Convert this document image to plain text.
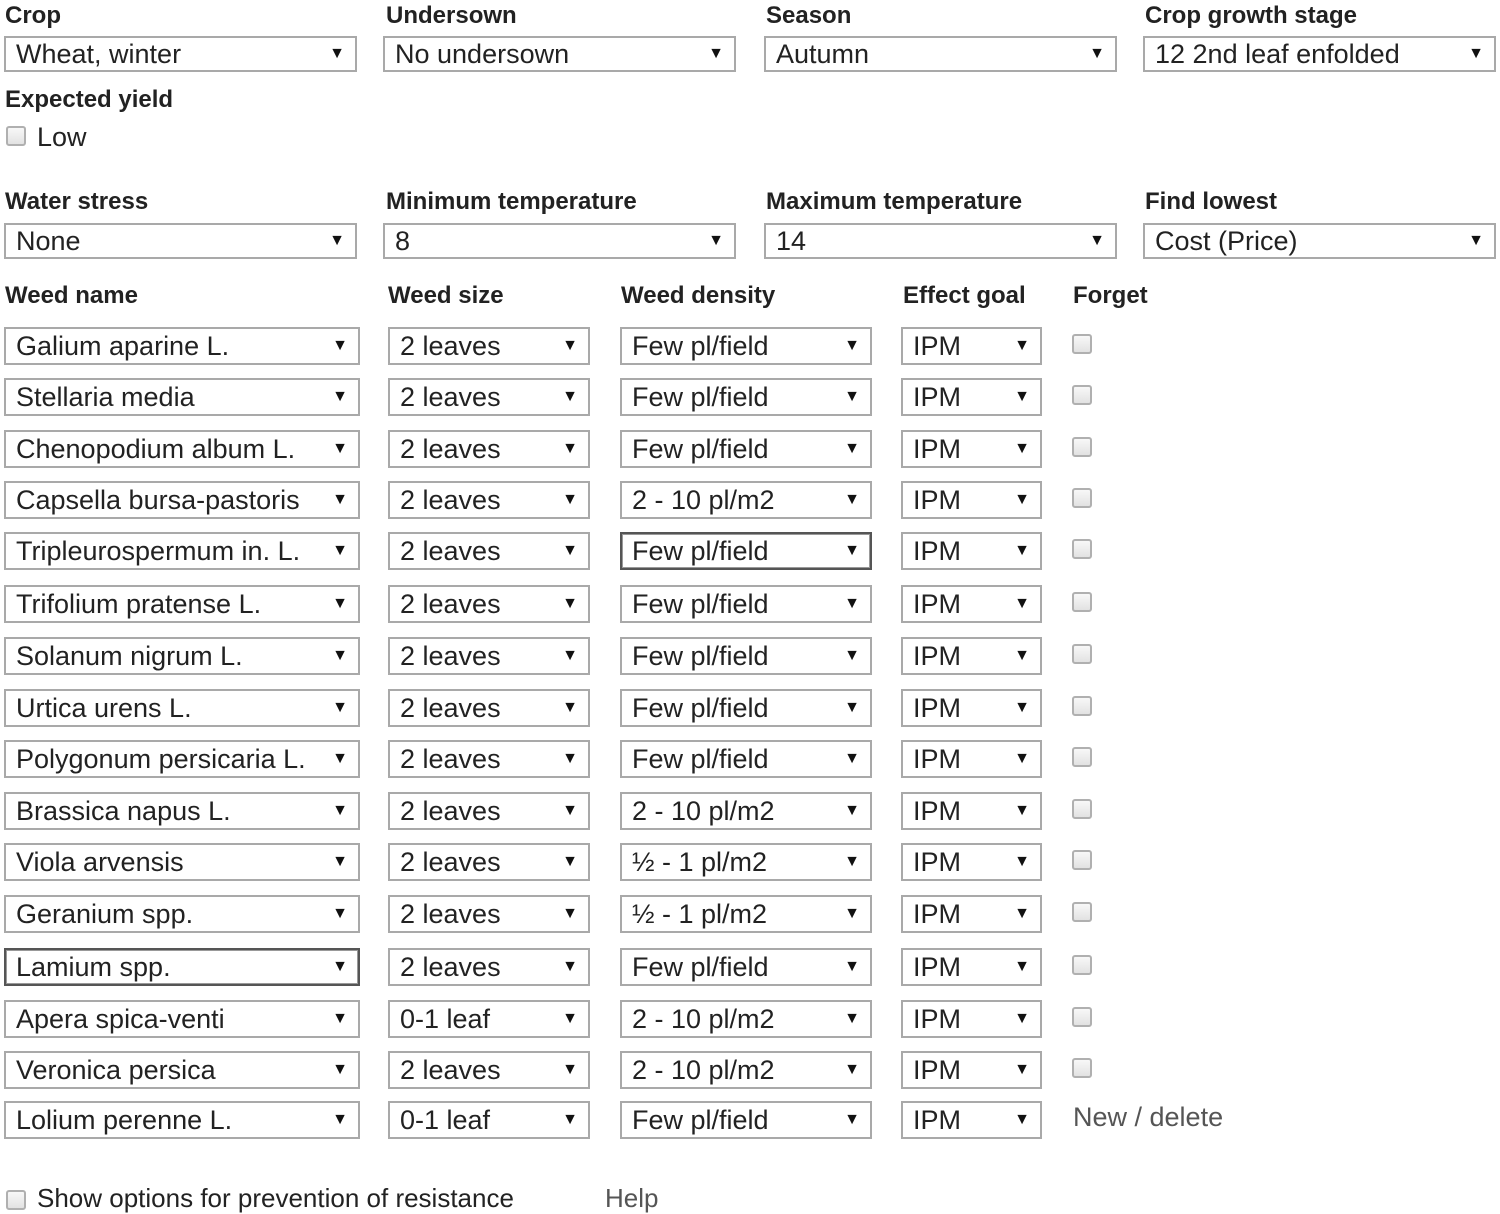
Crop	Undersown	Season	Crop growth stage
Wheat, winter	▼	No undersown	▼	Autumn	▼	12 2nd leaf enfolded	▼
Expected yield
Low
Water stress	Minimum temperature	Maximum temperature	Find lowest
None	▼	8	▼	14	▼	Cost (Price)	▼
Weed name	Weed size	Weed density	Effect goal Forget
Galium aparine L.	▼	2 leaves	▼	Few pl/field	▼	IPM	▼
Stellaria media	▼	2 leaves	▼	Few pl/field	▼	IPM	▼
Chenopodium album L. ▼	2 leaves	▼	Few pl/field	▼	IPM	▼
Capsella bursa-pastoris ▼	2 leaves	▼	2 - 10 pl/m2	▼	IPM	▼
Tripleurospermum in. L. ▼	2 leaves	▼	Few pl/field	▼	IPM	▼
Trifolium pratense L.	▼	2 leaves	▼	Few pl/field	▼	IPM	▼
Solanum nigrum L.	▼	2 leaves	▼	Few pl/field	▼	IPM	▼
Urtica urens L.	▼	2 leaves	▼	Few pl/field	▼	IPM	▼
Polygonum persicaria L. ▼	2 leaves	▼	Few pl/field	▼	IPM	▼
Brassica napus L.	▼	2 leaves	▼	2 - 10 pl/m2	▼	IPM	▼
Viola arvensis	▼	2 leaves	▼	½ - 1 pl/m2	▼	IPM	▼
Geranium spp.	▼	2 leaves	▼	½ - 1 pl/m2	▼	IPM	▼
Lamium spp.	▼	2 leaves	▼	Few pl/field	▼	IPM	▼
Apera spica-venti	▼	0-1 leaf	▼	2 - 10 pl/m2	▼	IPM	▼
Veronica persica	▼	2 leaves	▼	2 - 10 pl/m2	▼	IPM	▼
Lolium perenne L.	▼	0-1 leaf	▼	Few pl/field	▼	IPM	▼ New / delete
Show options for prevention of resistance	Help
